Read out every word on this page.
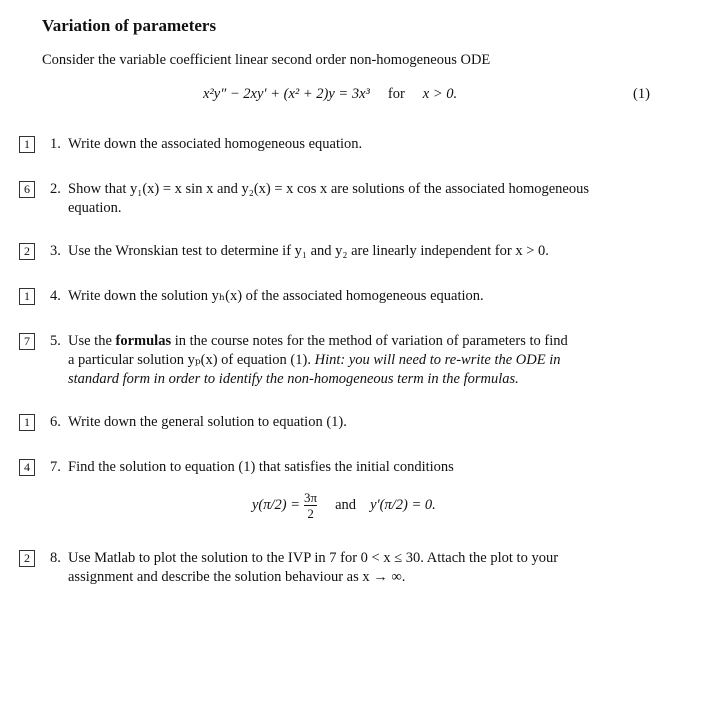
Variation of parameters
Consider the variable coefficient linear second order non-homogeneous ODE
x²y″ − 2xy′ + (x² + 2)y = 3x³ for x > 0.	(1)
1	1. Write down the associated homogeneous equation.
6	2. Show that y₁(x) = x sin x and y₂(x) = x cos x are solutions of the associated homogeneous
equation.
2	3. Use the Wronskian test to determine if y₁ and y₂ are linearly independent for x > 0.
1	4. Write down the solution yₕ(x) of the associated homogeneous equation.
7	5. Use the formulas in the course notes for the method of variation of parameters to find
a particular solution yₚ(x) of equation (1). Hint: you will need to re-write the ODE in
standard form in order to identify the non-homogeneous term in the formulas.
1	6. Write down the general solution to equation (1).
4	7. Find the solution to equation (1) that satisfies the initial conditions
$y(\pi/2) = \frac{3\pi}{2}$ and y′(π/2) = 0.
2	8. Use Matlab to plot the solution to the IVP in 7 for 0 < x ≤ 30. Attach the plot to your
assignment and describe the solution behaviour as x → ∞.
